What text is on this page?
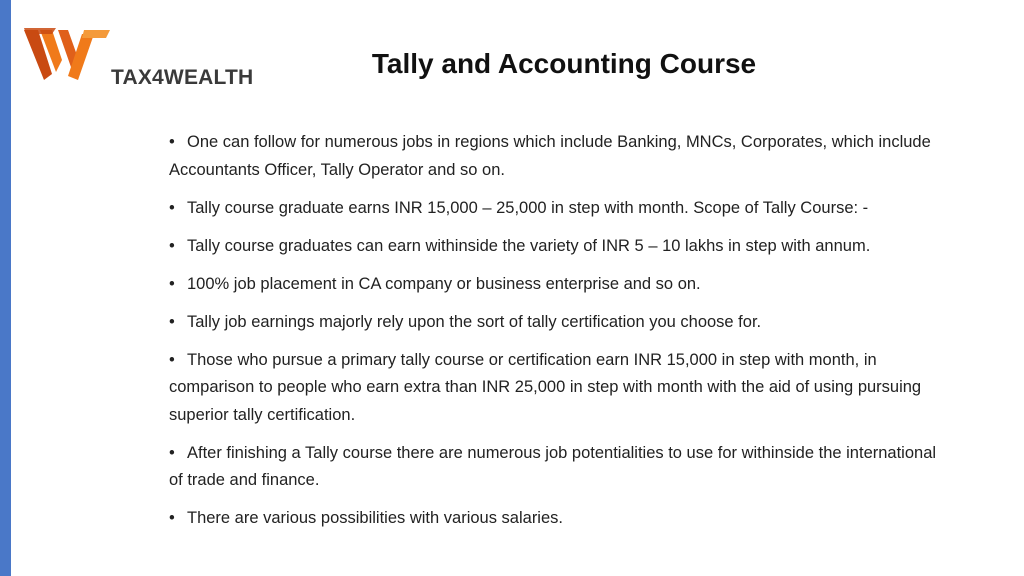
TAX4WEALTH	Tally and Accounting Course
• One can follow for numerous jobs in regions which include Banking, MNCs, Corporates, which include Accountants Officer, Tally Operator and so on.
• Tally course graduate earns INR 15,000 – 25,000 in step with month. Scope of Tally Course: -
• Tally course graduates can earn withinside the variety of INR 5 – 10 lakhs in step with annum.
• 100% job placement in CA company or business enterprise and so on.
• Tally job earnings majorly rely upon the sort of tally certification you choose for.
• Those who pursue a primary tally course or certification earn INR 15,000 in step with month, in comparison to people who earn extra than INR 25,000 in step with month with the aid of using pursuing superior tally certification.
• After finishing a Tally course there are numerous job potentialities to use for withinside the international of trade and finance.
• There are various possibilities with various salaries.
